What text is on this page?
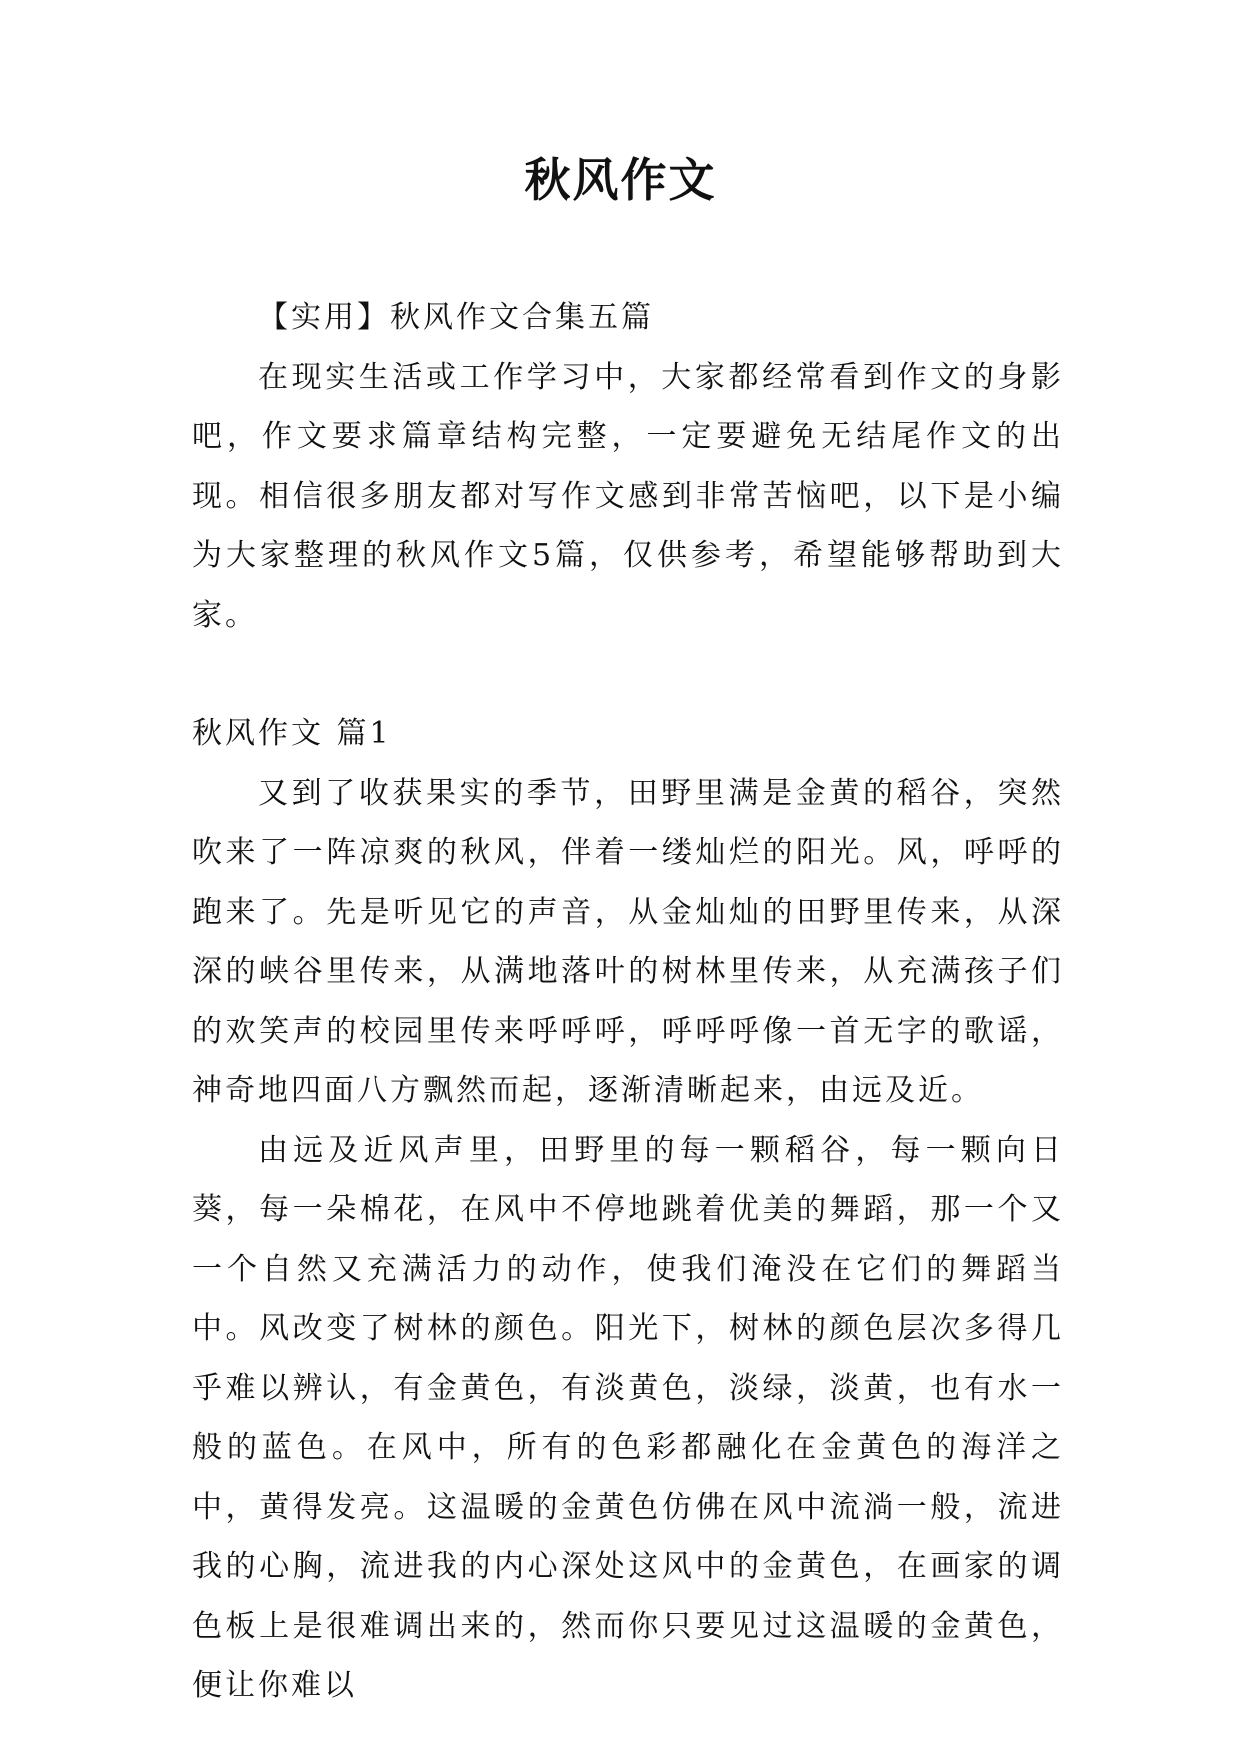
秋风作文

【实用】秋风作文合集五篇

在现实生活或工作学习中，大家都经常看到作文的身影吧，作文要求篇章结构完整，一定要避免无结尾作文的出现。相信很多朋友都对写作文感到非常苦恼吧，以下是小编为大家整理的秋风作文5篇，仅供参考，希望能够帮助到大家。

秋风作文 篇1

又到了收获果实的季节，田野里满是金黄的稻谷，突然吹来了一阵凉爽的秋风，伴着一缕灿烂的阳光。风，呼呼的跑来了。先是听见它的声音，从金灿灿的田野里传来，从深深的峡谷里传来，从满地落叶的树林里传来，从充满孩子们的欢笑声的校园里传来呼呼呼，呼呼呼像一首无字的歌谣，神奇地四面八方飘然而起，逐渐清晰起来，由远及近。

由远及近风声里，田野里的每一颗稻谷，每一颗向日葵，每一朵棉花，在风中不停地跳着优美的舞蹈，那一个又一个自然又充满活力的动作，使我们淹没在它们的舞蹈当中。风改变了树林的颜色。阳光下，树林的颜色层次多得几乎难以辨认，有金黄色，有淡黄色，淡绿，淡黄，也有水一般的蓝色。在风中，所有的色彩都融化在金黄色的海洋之中，黄得发亮。这温暖的金黄色仿佛在风中流淌一般，流进我的心胸，流进我的内心深处这风中的金黄色，在画家的调色板上是很难调出来的，然而你只要见过这温暖的金黄色，便让你难以
